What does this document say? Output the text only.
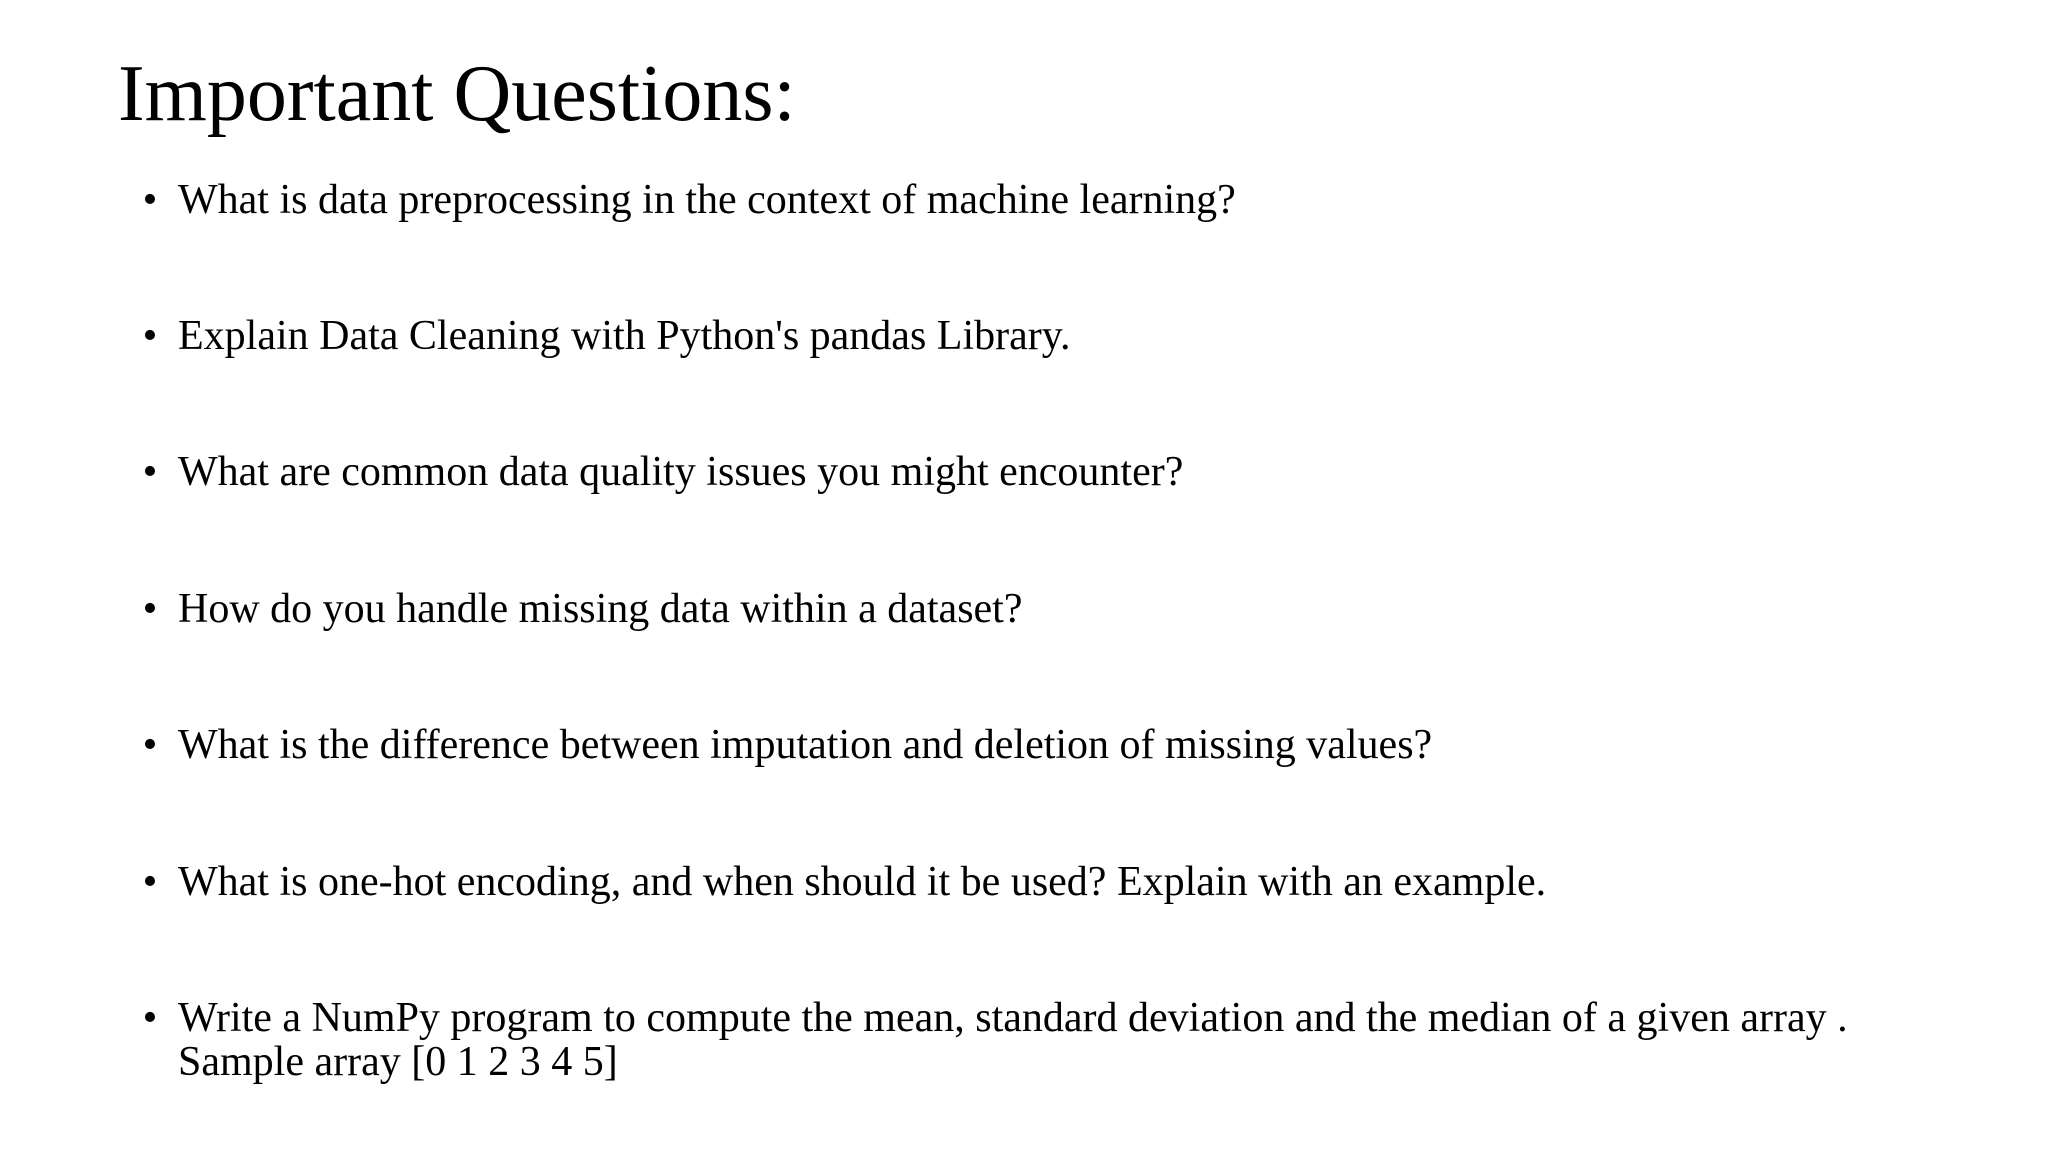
Important Questions:
• What is data preprocessing in the context of machine learning?
• Explain Data Cleaning with Python's pandas Library.
• What are common data quality issues you might encounter?
• How do you handle missing data within a dataset?
• What is the difference between imputation and deletion of missing values?
• What is one-hot encoding, and when should it be used? Explain with an example.
• Write a NumPy program to compute the mean, standard deviation and the median of a given array .
Sample array [0 1 2 3 4 5]
